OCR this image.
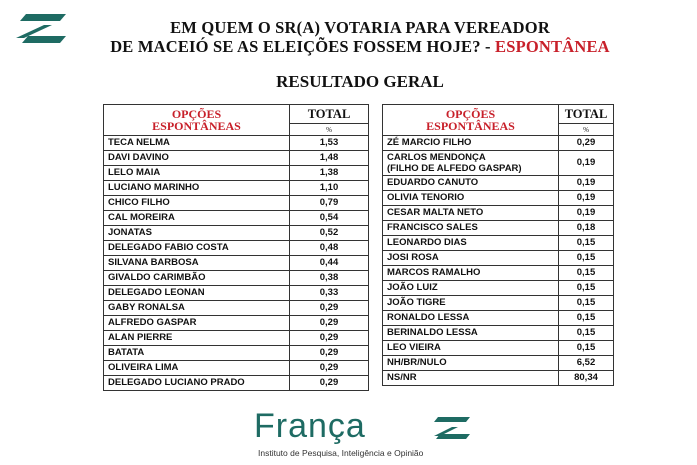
EM QUEM O SR(A) VOTARIA PARA VEREADOR
DE MACEIÓ SE AS ELEIÇÕES FOSSEM HOJE? - ESPONTÂNEA
RESULTADO GERAL
OPÇÕES
ESPONTÂNEAS	TOTAL
	%
TECA NELMA	1,53
DAVI DAVINO	1,48
LELO MAIA	1,38
LUCIANO MARINHO	1,10
CHICO FILHO	0,79
CAL MOREIRA	0,54
JONATAS	0,52
DELEGADO FABIO COSTA	0,48
SILVANA BARBOSA	0,44
GIVALDO CARIMBÃO	0,38
DELEGADO LEONAN	0,33
GABY RONALSA	0,29
ALFREDO GASPAR	0,29
ALAN PIERRE	0,29
BATATA	0,29
OLIVEIRA LIMA	0,29
DELEGADO LUCIANO PRADO	0,29
OPÇÕES
ESPONTÂNEAS	TOTAL
	%
ZÉ MARCIO FILHO	0,29
CARLOS MENDONÇA
(FILHO DE ALFEDO GASPAR)	0,19
EDUARDO CANUTO	0,19
OLIVIA TENORIO	0,19
CESAR MALTA NETO	0,19
FRANCISCO SALES	0,18
LEONARDO DIAS	0,15
JOSI ROSA	0,15
MARCOS RAMALHO	0,15
JOÃO LUIZ	0,15
JOÃO TIGRE	0,15
RONALDO LESSA	0,15
BERINALDO LESSA	0,15
LEO VIEIRA	0,15
NH/BR/NULO	6,52
NS/NR	80,34
França
Instituto de Pesquisa, Inteligência e Opinião
